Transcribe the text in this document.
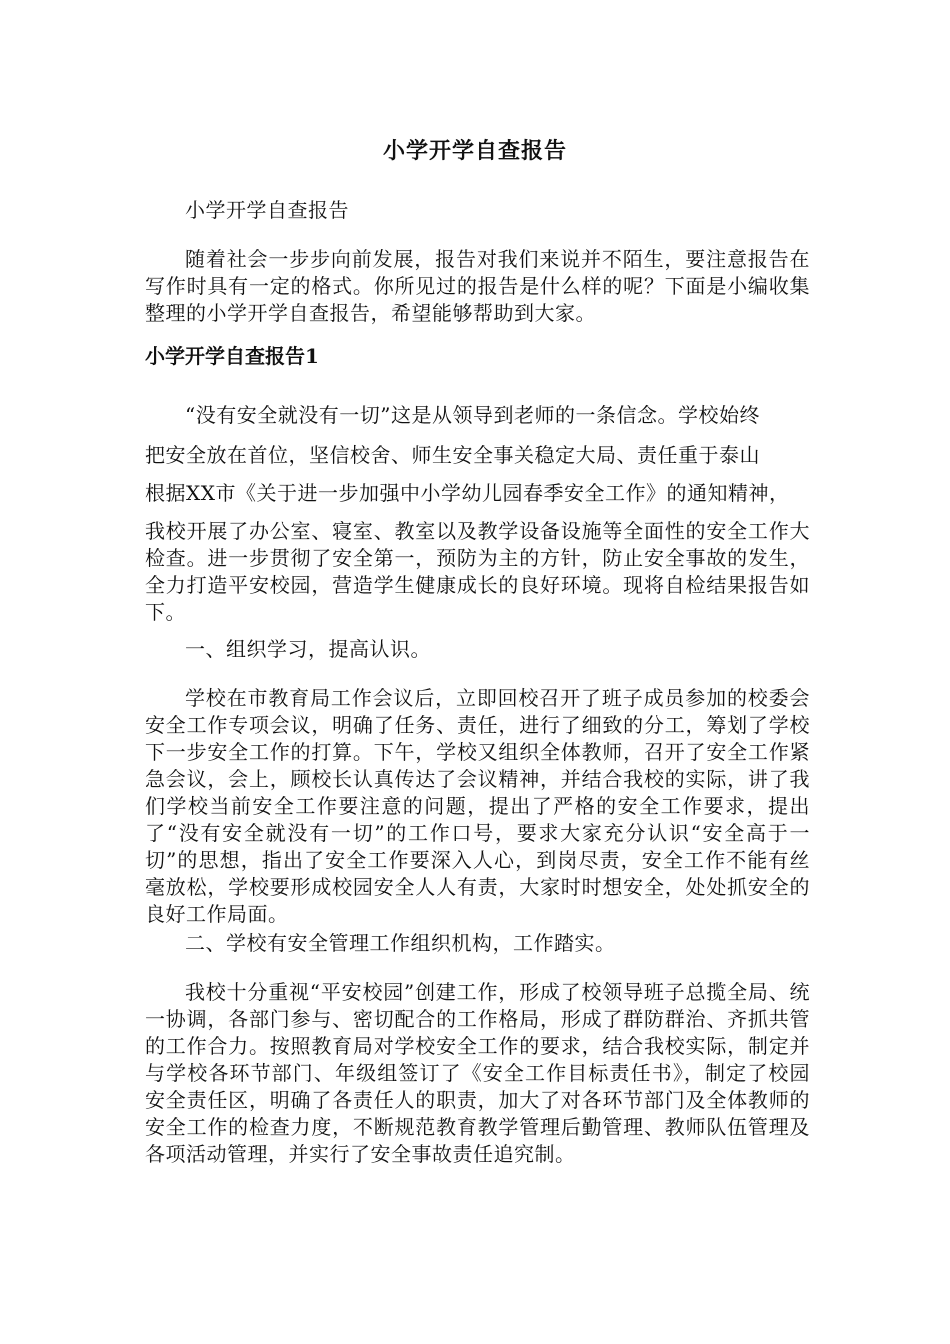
小学开学自查报告

小学开学自查报告

随着社会一步步向前发展，报告对我们来说并不陌生，要注意报告在写作时具有一定的格式。你所见过的报告是什么样的呢？下面是小编收集整理的小学开学自查报告，希望能够帮助到大家。

小学开学自查报告1

“没有安全就没有一切”这是从领导到老师的一条信念。学校始终

把安全放在首位，坚信校舍、师生安全事关稳定大局、责任重于泰山

根据XX市《关于进一步加强中小学幼儿园春季安全工作》的通知精神，

我校开展了办公室、寝室、教室以及教学设备设施等全面性的安全工作大检查。进一步贯彻了安全第一，预防为主的方针，防止安全事故的发生，全力打造平安校园，营造学生健康成长的良好环境。现将自检结果报告如下。

一、组织学习，提高认识。

学校在市教育局工作会议后，立即回校召开了班子成员参加的校委会安全工作专项会议，明确了任务、责任，进行了细致的分工，筹划了学校下一步安全工作的打算。下午，学校又组织全体教师，召开了安全工作紧急会议，会上，顾校长认真传达了会议精神，并结合我校的实际，讲了我们学校当前安全工作要注意的问题，提出了严格的安全工作要求，提出了“没有安全就没有一切”的工作口号，要求大家充分认识“安全高于一切”的思想，指出了安全工作要深入人心，到岗尽责，安全工作不能有丝毫放松，学校要形成校园安全人人有责，大家时时想安全，处处抓安全的良好工作局面。

二、学校有安全管理工作组织机构，工作踏实。

我校十分重视“平安校园”创建工作，形成了校领导班子总揽全局、统一协调，各部门参与、密切配合的工作格局，形成了群防群治、齐抓共管的工作合力。按照教育局对学校安全工作的要求，结合我校实际，制定并与学校各环节部门、年级组签订了《安全工作目标责任书》，制定了校园安全责任区，明确了各责任人的职责，加大了对各环节部门及全体教师的安全工作的检查力度，不断规范教育教学管理后勤管理、教师队伍管理及各项活动管理，并实行了安全事故责任追究制。
